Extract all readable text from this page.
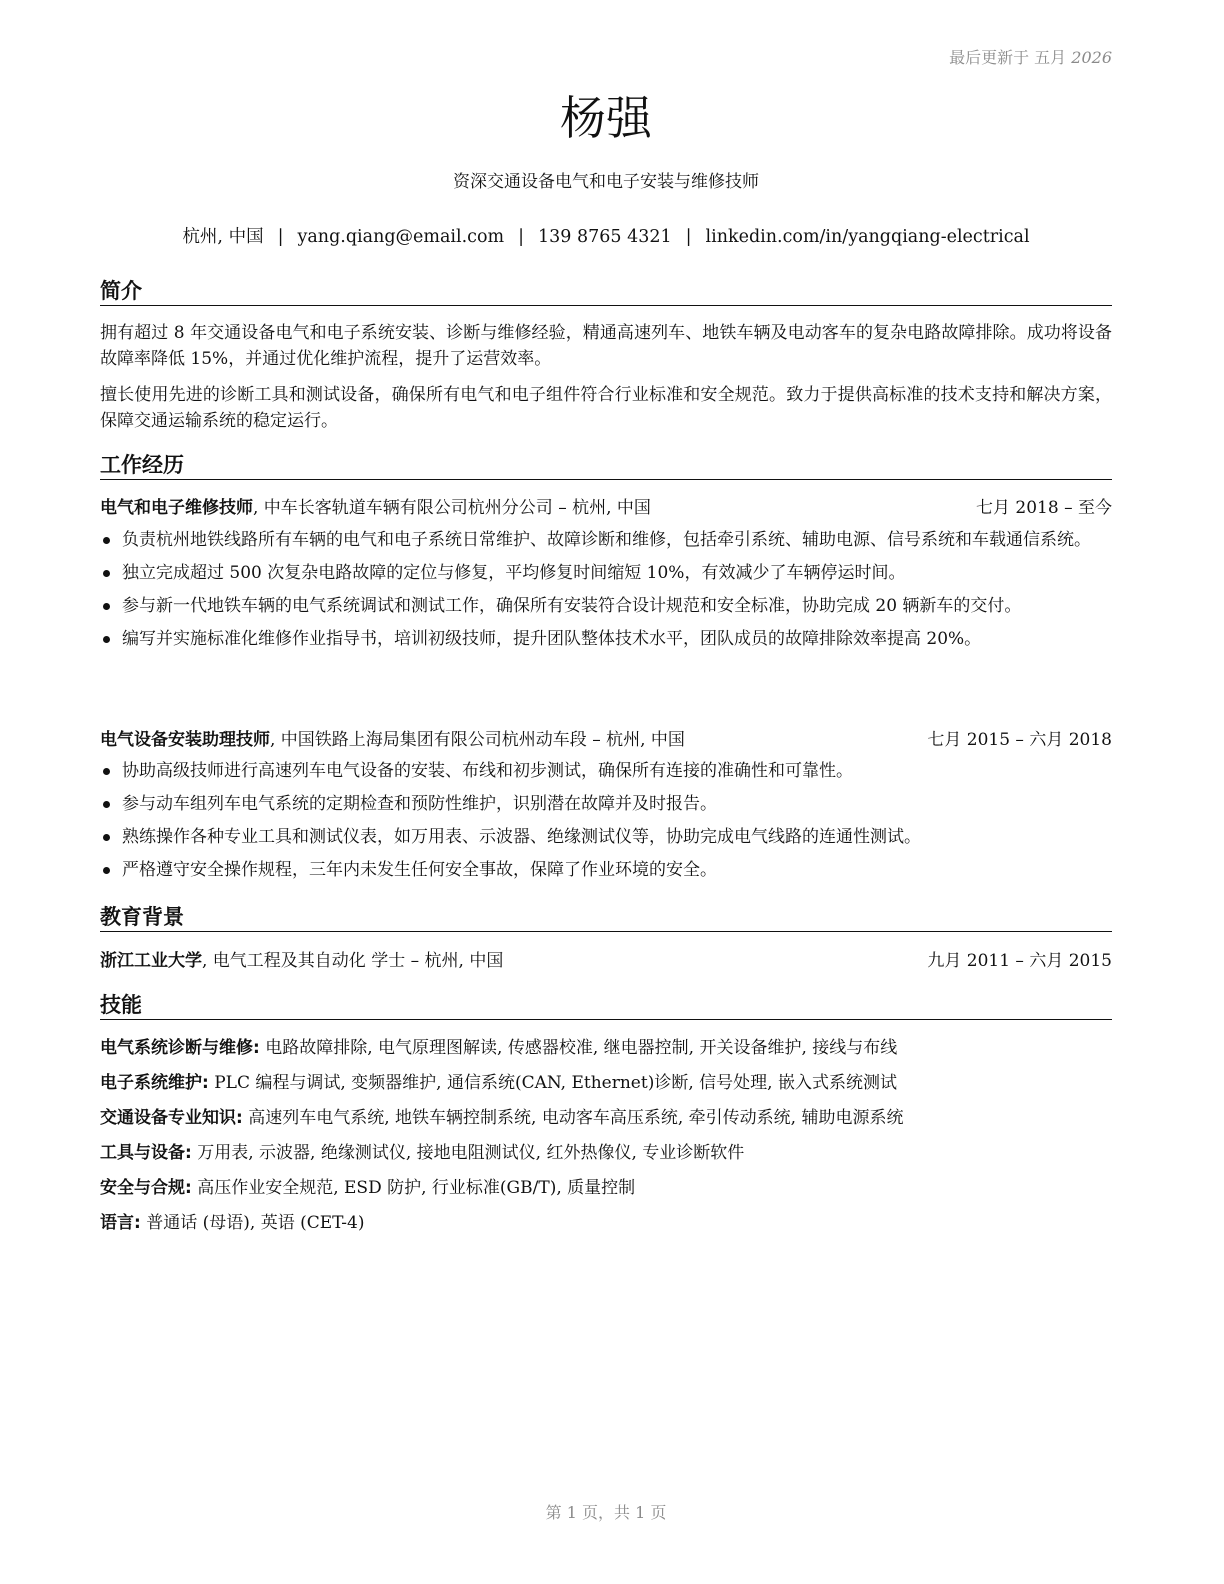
最后更新于 五月 2026
杨强
资深交通设备电气和电子安装与维修技师
杭州, 中国 | yang.qiang@email.com | 139 8765 4321 | linkedin.com/in/yangqiang-electrical
简介
拥有超过 8 年交通设备电气和电子系统安装、诊断与维修经验，精通高速列车、地铁车辆及电动客车的复杂电路故障排除。成功将设备故障率降低 15%，并通过优化维护流程，提升了运营效率。
擅长使用先进的诊断工具和测试设备，确保所有电气和电子组件符合行业标准和安全规范。致力于提供高标准的技术支持和解决方案，保障交通运输系统的稳定运行。
工作经历
电气和电子维修技师, 中车长客轨道车辆有限公司杭州分公司 – 杭州, 中国	七月 2018 – 至今
负责杭州地铁线路所有车辆的电气和电子系统日常维护、故障诊断和维修，包括牵引系统、辅助电源、信号系统和车载通信系统。
独立完成超过 500 次复杂电路故障的定位与修复，平均修复时间缩短 10%，有效减少了车辆停运时间。
参与新一代地铁车辆的电气系统调试和测试工作，确保所有安装符合设计规范和安全标准，协助完成 20 辆新车的交付。
编写并实施标准化维修作业指导书，培训初级技师，提升团队整体技术水平，团队成员的故障排除效率提高 20%。
电气设备安装助理技师, 中国铁路上海局集团有限公司杭州动车段 – 杭州, 中国	七月 2015 – 六月 2018
协助高级技师进行高速列车电气设备的安装、布线和初步测试，确保所有连接的准确性和可靠性。
参与动车组列车电气系统的定期检查和预防性维护，识别潜在故障并及时报告。
熟练操作各种专业工具和测试仪表，如万用表、示波器、绝缘测试仪等，协助完成电气线路的连通性测试。
严格遵守安全操作规程，三年内未发生任何安全事故，保障了作业环境的安全。
教育背景
浙江工业大学, 电气工程及其自动化 学士 – 杭州, 中国	九月 2011 – 六月 2015
技能
电气系统诊断与维修: 电路故障排除, 电气原理图解读, 传感器校准, 继电器控制, 开关设备维护, 接线与布线
电子系统维护: PLC 编程与调试, 变频器维护, 通信系统(CAN, Ethernet)诊断, 信号处理, 嵌入式系统测试
交通设备专业知识: 高速列车电气系统, 地铁车辆控制系统, 电动客车高压系统, 牵引传动系统, 辅助电源系统
工具与设备: 万用表, 示波器, 绝缘测试仪, 接地电阻测试仪, 红外热像仪, 专业诊断软件
安全与合规: 高压作业安全规范, ESD 防护, 行业标准(GB/T), 质量控制
语言: 普通话 (母语), 英语 (CET-4)
第 1 页，共 1 页
